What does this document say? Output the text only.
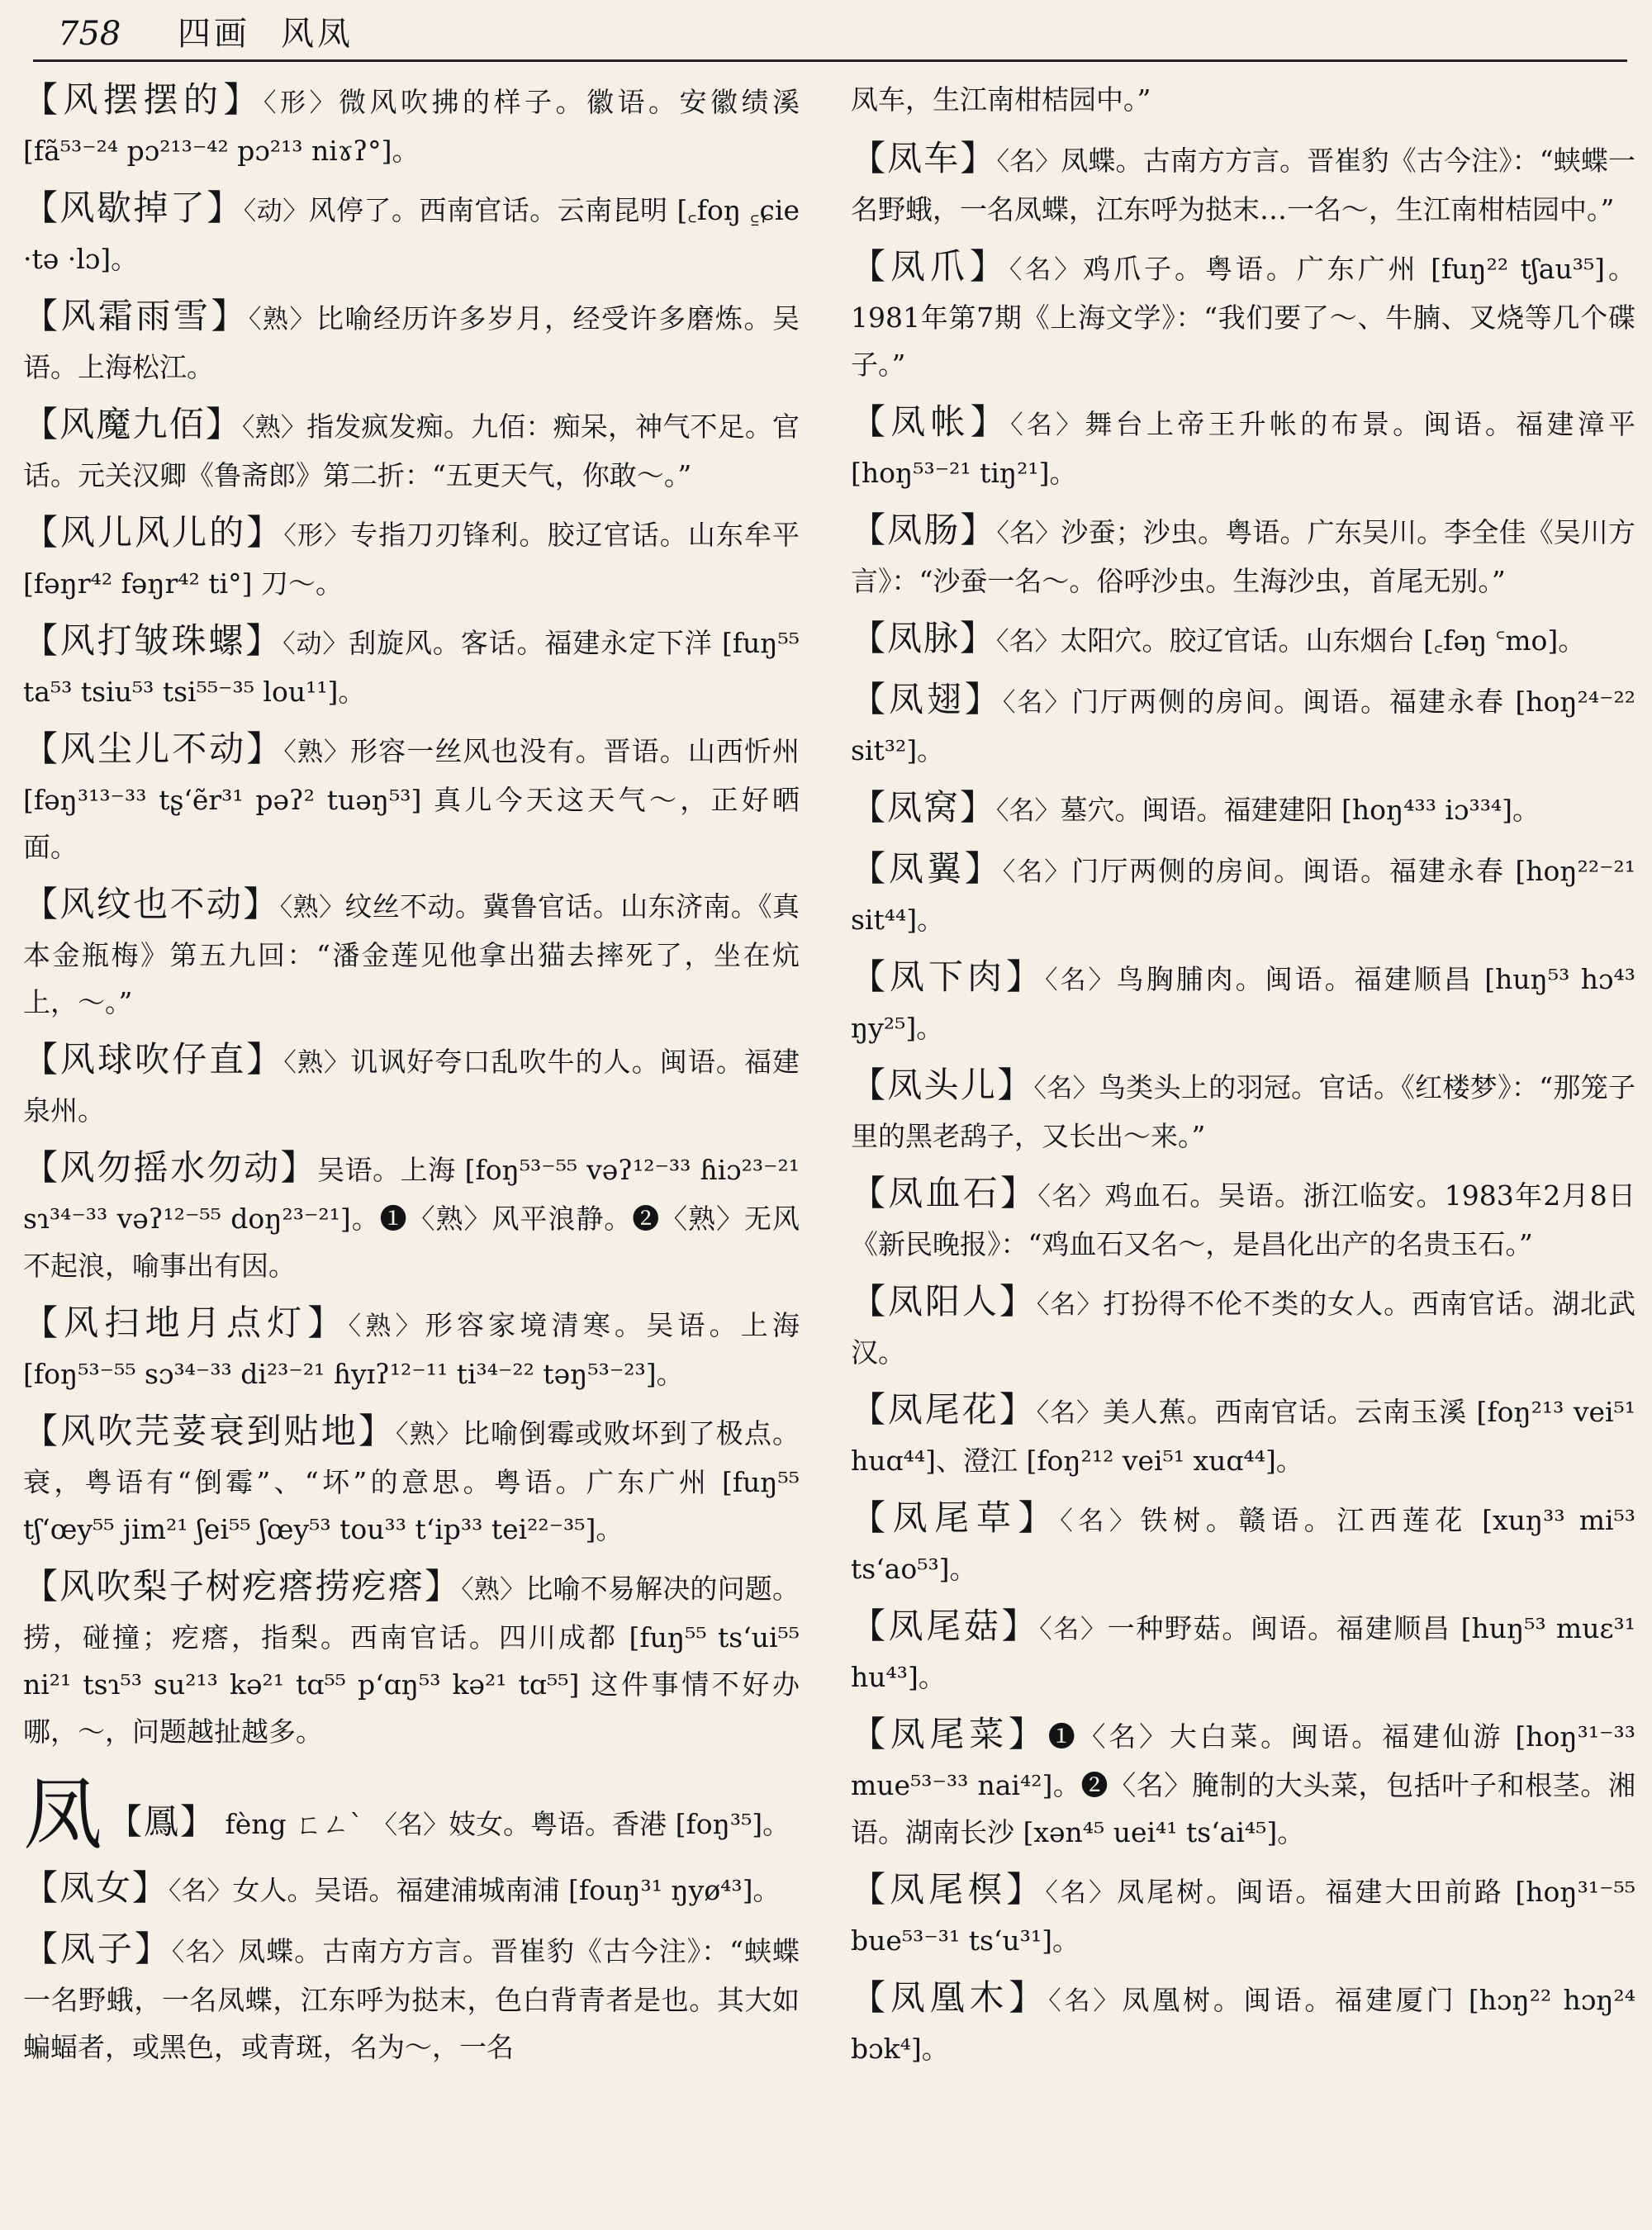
758 四画 风凤
【风摆摆的】〈形〉微风吹拂的样子。徽语。安徽绩溪 [fã⁵³⁻²⁴ pɔ²¹³⁻⁴² pɔ²¹³ niɤʔ°]。
【风歇掉了】〈动〉风停了。西南官话。云南昆明 [꜀foŋ ꜁ɕie ·tə ·lɔ]。
【风霜雨雪】〈熟〉比喻经历许多岁月，经受许多磨炼。吴语。上海松江。
【风魔九佰】〈熟〉指发疯发痴。九佰：痴呆，神气不足。官话。元关汉卿《鲁斋郎》第二折：“五更天气，你敢～。”
【风儿风儿的】〈形〉专指刀刃锋利。胶辽官话。山东牟平 [fəŋr⁴² fəŋr⁴² ti°] 刀～。
【风打皱珠螺】〈动〉刮旋风。客话。福建永定下洋 [fuŋ⁵⁵ ta⁵³ tsiu⁵³ tsi⁵⁵⁻³⁵ lou¹¹]。
【风尘儿不动】〈熟〉形容一丝风也没有。晋语。山西忻州 [fəŋ³¹³⁻³³ tʂʻẽr³¹ pəʔ² tuəŋ⁵³] 真儿今天这天气～，正好晒面。
【风纹也不动】〈熟〉纹丝不动。冀鲁官话。山东济南。《真本金瓶梅》第五九回：“潘金莲见他拿出猫去摔死了，坐在炕上，～。”
【风球吹仔直】〈熟〉讥讽好夸口乱吹牛的人。闽语。福建泉州。
【风勿摇水勿动】吴语。上海 [foŋ⁵³⁻⁵⁵ vəʔ¹²⁻³³ ɦiɔ²³⁻²¹ sɿ³⁴⁻³³ vəʔ¹²⁻⁵⁵ doŋ²³⁻²¹]。❶〈熟〉风平浪静。❷〈熟〉无风不起浪，喻事出有因。
【风扫地月点灯】〈熟〉形容家境清寒。吴语。上海 [foŋ⁵³⁻⁵⁵ sɔ³⁴⁻³³ di²³⁻²¹ ɦyɪʔ¹²⁻¹¹ ti³⁴⁻²² təŋ⁵³⁻²³]。
【风吹芫荽衰到贴地】〈熟〉比喻倒霉或败坏到了极点。衰，粤语有“倒霉”、“坏”的意思。粤语。广东广州 [fuŋ⁵⁵ tʃʻœy⁵⁵ jim²¹ ʃei⁵⁵ ʃœy⁵³ tou³³ tʻip³³ tei²²⁻³⁵]。
【风吹梨子树疙瘩捞疙瘩】〈熟〉比喻不易解决的问题。捞，碰撞；疙瘩，指梨。西南官话。四川成都 [fuŋ⁵⁵ tsʻui⁵⁵ ni²¹ tsɿ⁵³ su²¹³ kə²¹ tɑ⁵⁵ pʻɑŋ⁵³ kə²¹ tɑ⁵⁵] 这件事情不好办哪，～，问题越扯越多。
凤 【鳳】 fèng ㄈㄥˋ 〈名〉妓女。粤语。香港 [foŋ³⁵]。
【凤女】〈名〉女人。吴语。福建浦城南浦 [fouŋ³¹ ŋyø⁴³]。
【凤子】〈名〉凤蝶。古南方方言。晋崔豹《古今注》：“蛱蝶一名野蛾，一名凤蝶，江东呼为挞末，色白背青者是也。其大如蝙蝠者，或黑色，或青斑，名为～，一名
凤车，生江南柑桔园中。”
【凤车】〈名〉凤蝶。古南方方言。晋崔豹《古今注》：“蛱蝶一名野蛾，一名凤蝶，江东呼为挞末…一名～，生江南柑桔园中。”
【凤爪】〈名〉鸡爪子。粤语。广东广州 [fuŋ²² tʃau³⁵]。1981年第7期《上海文学》：“我们要了～、牛腩、叉烧等几个碟子。”
【凤帐】〈名〉舞台上帝王升帐的布景。闽语。福建漳平 [hoŋ⁵³⁻²¹ tiŋ²¹]。
【凤肠】〈名〉沙蚕；沙虫。粤语。广东吴川。李全佳《吴川方言》：“沙蚕一名～。俗呼沙虫。生海沙虫，首尾无别。”
【凤脉】〈名〉太阳穴。胶辽官话。山东烟台 [꜀fəŋ ꜂mo]。
【凤翅】〈名〉门厅两侧的房间。闽语。福建永春 [hoŋ²⁴⁻²² sit³²]。
【凤窝】〈名〉墓穴。闽语。福建建阳 [hoŋ⁴³³ iɔ³³⁴]。
【凤翼】〈名〉门厅两侧的房间。闽语。福建永春 [hoŋ²²⁻²¹ sit⁴⁴]。
【凤下肉】〈名〉鸟胸脯肉。闽语。福建顺昌 [huŋ⁵³ hɔ⁴³ ŋy²⁵]。
【凤头儿】〈名〉鸟类头上的羽冠。官话。《红楼梦》：“那笼子里的黑老鸹子，又长出～来。”
【凤血石】〈名〉鸡血石。吴语。浙江临安。1983年2月8日《新民晚报》：“鸡血石又名～，是昌化出产的名贵玉石。”
【凤阳人】〈名〉打扮得不伦不类的女人。西南官话。湖北武汉。
【凤尾花】〈名〉美人蕉。西南官话。云南玉溪 [foŋ²¹³ vei⁵¹ huɑ⁴⁴]、澄江 [foŋ²¹² vei⁵¹ xuɑ⁴⁴]。
【凤尾草】〈名〉铁树。赣语。江西莲花 [xuŋ³³ mi⁵³ tsʻao⁵³]。
【凤尾菇】〈名〉一种野菇。闽语。福建顺昌 [huŋ⁵³ muɛ³¹ hu⁴³]。
【凤尾菜】❶〈名〉大白菜。闽语。福建仙游 [hoŋ³¹⁻³³ mue⁵³⁻³³ nai⁴²]。❷〈名〉腌制的大头菜，包括叶子和根茎。湘语。湖南长沙 [xən⁴⁵ uei⁴¹ tsʻai⁴⁵]。
【凤尾榠】〈名〉凤尾树。闽语。福建大田前路 [hoŋ³¹⁻⁵⁵ bue⁵³⁻³¹ tsʻu³¹]。
【凤凰木】〈名〉凤凰树。闽语。福建厦门 [hɔŋ²² hɔŋ²⁴ bɔk⁴]。
